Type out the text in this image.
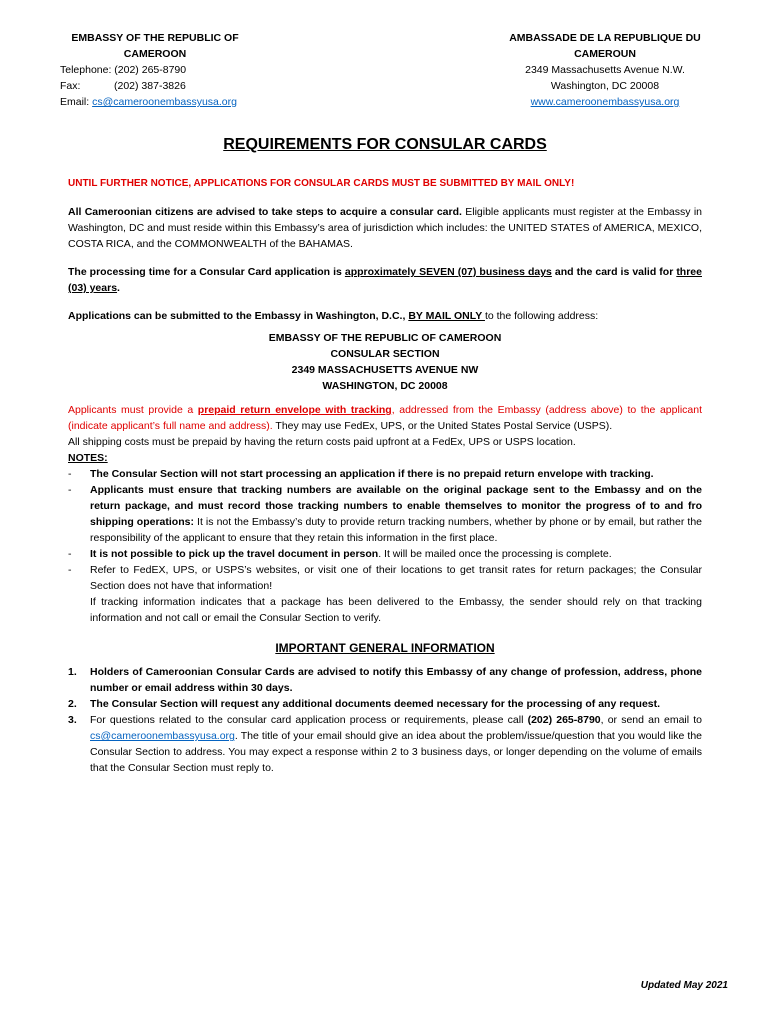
EMBASSY OF THE REPUBLIC OF
CAMEROON
Telephone: (202) 265-8790
Fax:	(202) 387-3826
Email: cs@cameroonembassyusa.org
AMBASSADE DE LA REPUBLIQUE DU
CAMEROUN
2349 Massachusetts Avenue N.W.
Washington, DC 20008
www.cameroonembassyusa.org
REQUIREMENTS FOR CONSULAR CARDS
UNTIL FURTHER NOTICE, APPLICATIONS FOR CONSULAR CARDS MUST BE SUBMITTED BY MAIL ONLY!

All Cameroonian citizens are advised to take steps to acquire a consular card. Eligible applicants must register at the Embassy in Washington, DC and must reside within this Embassy’s area of jurisdiction which includes: the UNITED STATES of AMERICA, MEXICO, COSTA RICA, and the COMMONWEALTH of the BAHAMAS.

The processing time for a Consular Card application is approximately SEVEN (07) business days and the card is valid for three (03) years.

Applications can be submitted to the Embassy in Washington, D.C., BY MAIL ONLY to the following address:

EMBASSY OF THE REPUBLIC OF CAMEROON
CONSULAR SECTION
2349 MASSACHUSETTS AVENUE NW
WASHINGTON, DC 20008

Applicants must provide a prepaid return envelope with tracking, addressed from the Embassy (address above) to the applicant (indicate applicant’s full name and address). They may use FedEx, UPS, or the United States Postal Service (USPS).
All shipping costs must be prepaid by having the return costs paid upfront at a FedEx, UPS or USPS location.

NOTES:
-	The Consular Section will not start processing an application if there is no prepaid return envelope with tracking.
-	Applicants must ensure that tracking numbers are available on the original package sent to the Embassy and on the return package, and must record those tracking numbers to enable themselves to monitor the progress of to and fro shipping operations: It is not the Embassy’s duty to provide return tracking numbers, whether by phone or by email, but rather the responsibility of the applicant to ensure that they retain this information in the first place.
-	It is not possible to pick up the travel document in person. It will be mailed once the processing is complete.
-	Refer to FedEX, UPS, or USPS’s websites, or visit one of their locations to get transit rates for return packages; the Consular Section does not have that information!
If tracking information indicates that a package has been delivered to the Embassy, the sender should rely on that tracking information and not call or email the Consular Section to verify.
IMPORTANT GENERAL INFORMATION
1.	Holders of Cameroonian Consular Cards are advised to notify this Embassy of any change of profession, address, phone number or email address within 30 days.
2.	The Consular Section will request any additional documents deemed necessary for the processing of any request.
3.	For questions related to the consular card application process or requirements, please call (202) 265-8790, or send an email to cs@cameroonembassyusa.org. The title of your email should give an idea about the problem/issue/question that you would like the Consular Section to address. You may expect a response within 2 to 3 business days, or longer depending on the volume of emails that the Consular Section must reply to.
Updated May 2021
